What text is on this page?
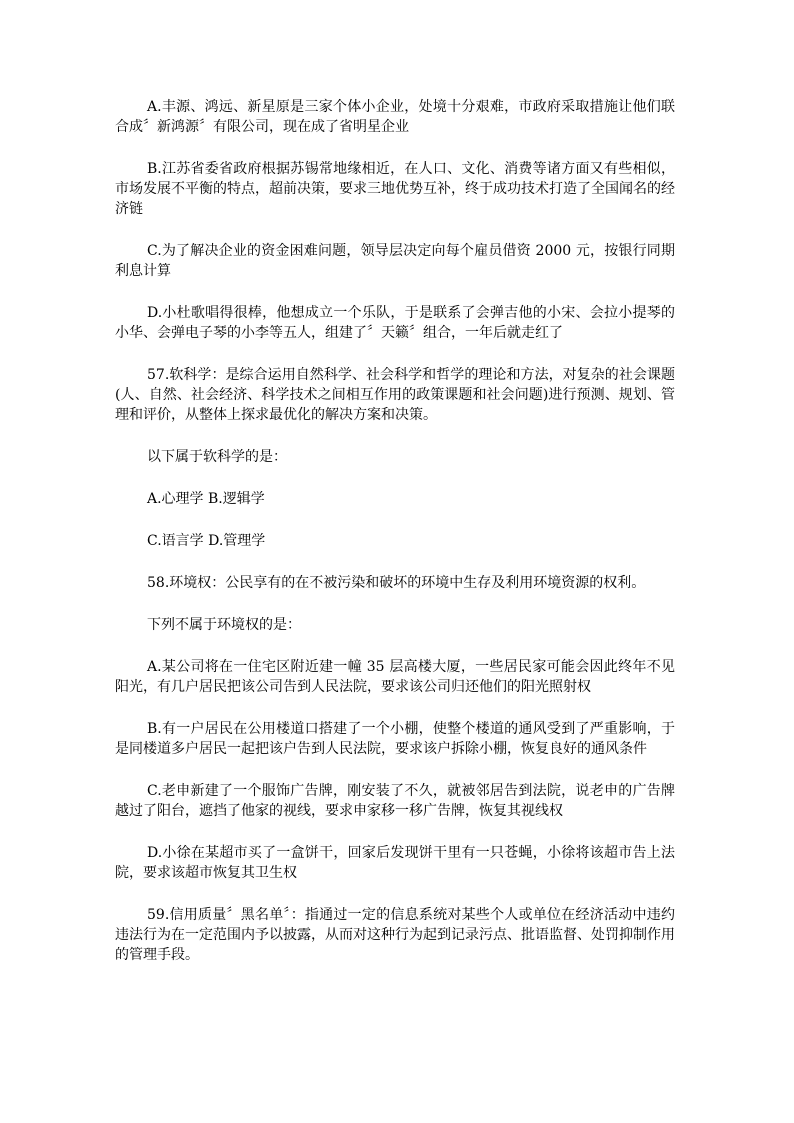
A.丰源、鸿远、新星原是三家个体小企业，处境十分艰难，市政府采取措施让他们联合成〞新鸿源〞有限公司，现在成了省明星企业

B.江苏省委省政府根据苏锡常地缘相近，在人口、文化、消费等诸方面又有些相似，市场发展不平衡的特点，超前决策，要求三地优势互补，终于成功技术打造了全国闻名的经济链

C.为了解决企业的资金困难问题，领导层决定向每个雇员借资 2000 元，按银行同期利息计算

D.小杜歌唱得很棒，他想成立一个乐队，于是联系了会弹吉他的小宋、会拉小提琴的小华、会弹电子琴的小李等五人，组建了〞天籁〞组合，一年后就走红了

57.软科学：是综合运用自然科学、社会科学和哲学的理论和方法，对复杂的社会课题(人、自然、社会经济、科学技术之间相互作用的政策课题和社会问题)进行预测、规划、管理和评价，从整体上探求最优化的解决方案和决策。

以下属于软科学的是：

A.心理学 B.逻辑学

C.语言学 D.管理学

58.环境权：公民享有的在不被污染和破坏的环境中生存及利用环境资源的权利。

下列不属于环境权的是：

A.某公司将在一住宅区附近建一幢 35 层高楼大厦，一些居民家可能会因此终年不见阳光，有几户居民把该公司告到人民法院，要求该公司归还他们的阳光照射权

B.有一户居民在公用楼道口搭建了一个小棚，使整个楼道的通风受到了严重影响，于是同楼道多户居民一起把该户告到人民法院，要求该户拆除小棚，恢复良好的通风条件

C.老申新建了一个服饰广告牌，刚安装了不久，就被邻居告到法院，说老申的广告牌越过了阳台，遮挡了他家的视线，要求申家移一移广告牌，恢复其视线权

D.小徐在某超市买了一盒饼干，回家后发现饼干里有一只苍蝇，小徐将该超市告上法院，要求该超市恢复其卫生权

59.信用质量〞黑名单〞：指通过一定的信息系统对某些个人或单位在经济活动中违约违法行为在一定范围内予以披露，从而对这种行为起到记录污点、批语监督、处罚抑制作用的管理手段。
